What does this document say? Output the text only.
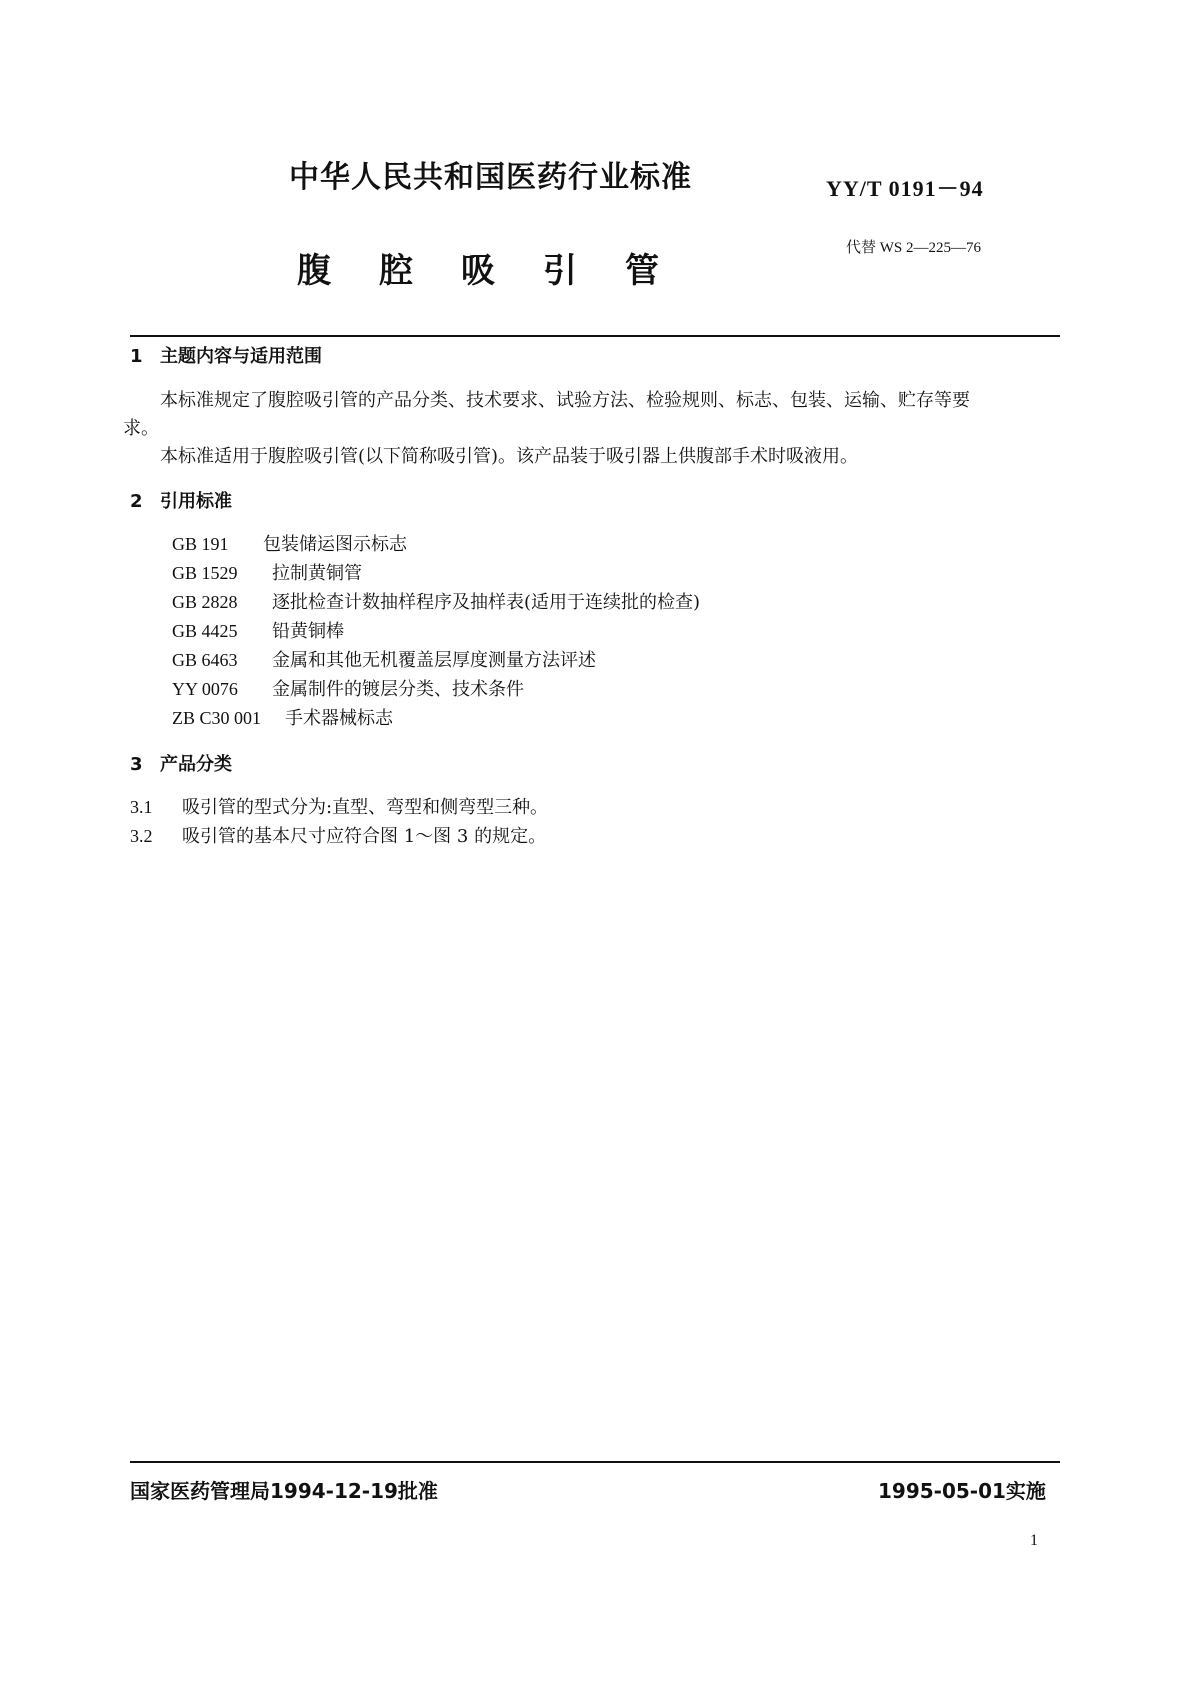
中华人民共和国医药行业标准	YY/T 0191－94
腹 腔 吸 引 管
代替 WS 2—225—76
1 主题内容与适用范围
本标准规定了腹腔吸引管的产品分类、技术要求、试验方法、检验规则、标志、包装、运输、贮存等要
求。
本标准适用于腹腔吸引管(以下简称吸引管)。该产品装于吸引器上供腹部手术时吸液用。
2 引用标准
GB 191 包装储运图示标志
GB 1529 拉制黄铜管
GB 2828 逐批检查计数抽样程序及抽样表(适用于连续批的检查)
GB 4425 铅黄铜棒
GB 6463 金属和其他无机覆盖层厚度测量方法评述
YY 0076 金属制件的镀层分类、技术条件
ZB C30 001 手术器械标志
3 产品分类
3.1 吸引管的型式分为:直型、弯型和侧弯型三种。
3.2 吸引管的基本尺寸应符合图 1～图 3 的规定。
国家医药管理局1994-12-19批准	1995-05-01实施
1
